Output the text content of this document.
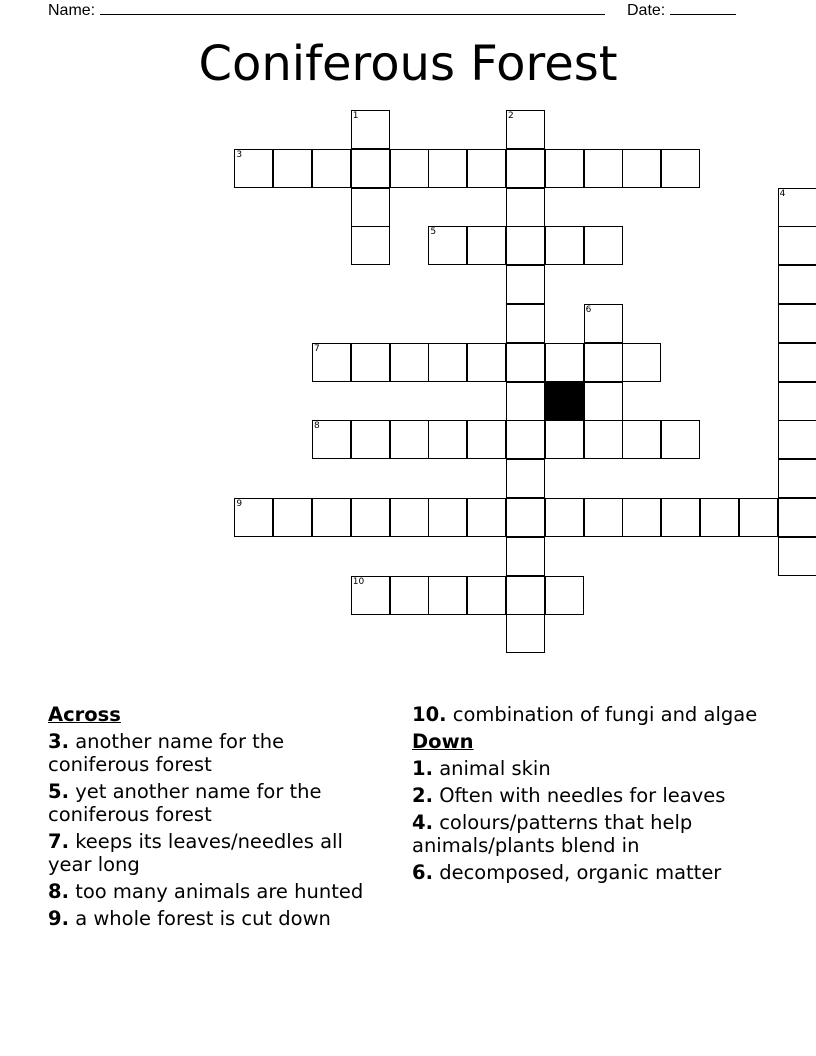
Name:	Date:
Coniferous Forest
1	2
3
4
5
6
7
8
9
10
Across
3. another name for the coniferous forest
5. yet another name for the coniferous forest
7. keeps its leaves/needles all year long
8. too many animals are hunted
9. a whole forest is cut down
10. combination of fungi and algae
Down
1. animal skin
2. Often with needles for leaves
4. colours/patterns that help animals/plants blend in
6. decomposed, organic matter
